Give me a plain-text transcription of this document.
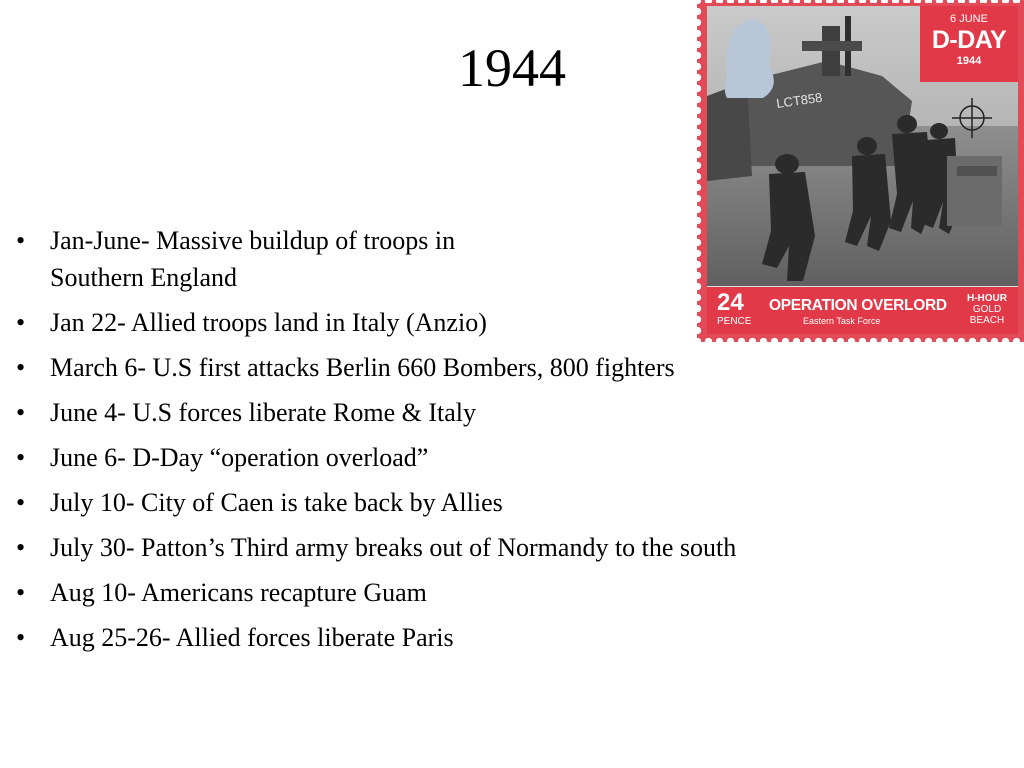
1944
• Jan-June- Massive buildup of troops in
Southern England
• Jan 22- Allied troops land in Italy (Anzio)
• March 6- U.S first attacks Berlin 660 Bombers, 800 fighters
• June 4- U.S forces liberate Rome & Italy
• June 6- D-Day “operation overload”
• July 10- City of Caen is take back by Allies
• July 30- Patton’s Third army breaks out of Normandy to the south
• Aug 10- Americans recapture Guam
• Aug 25-26- Allied forces liberate Paris
LCT858
6 JUNE
D-DAY
1944
24
PENCE
OPERATION OVERLORD
Eastern Task Force
H-HOUR
GOLD
BEACH
